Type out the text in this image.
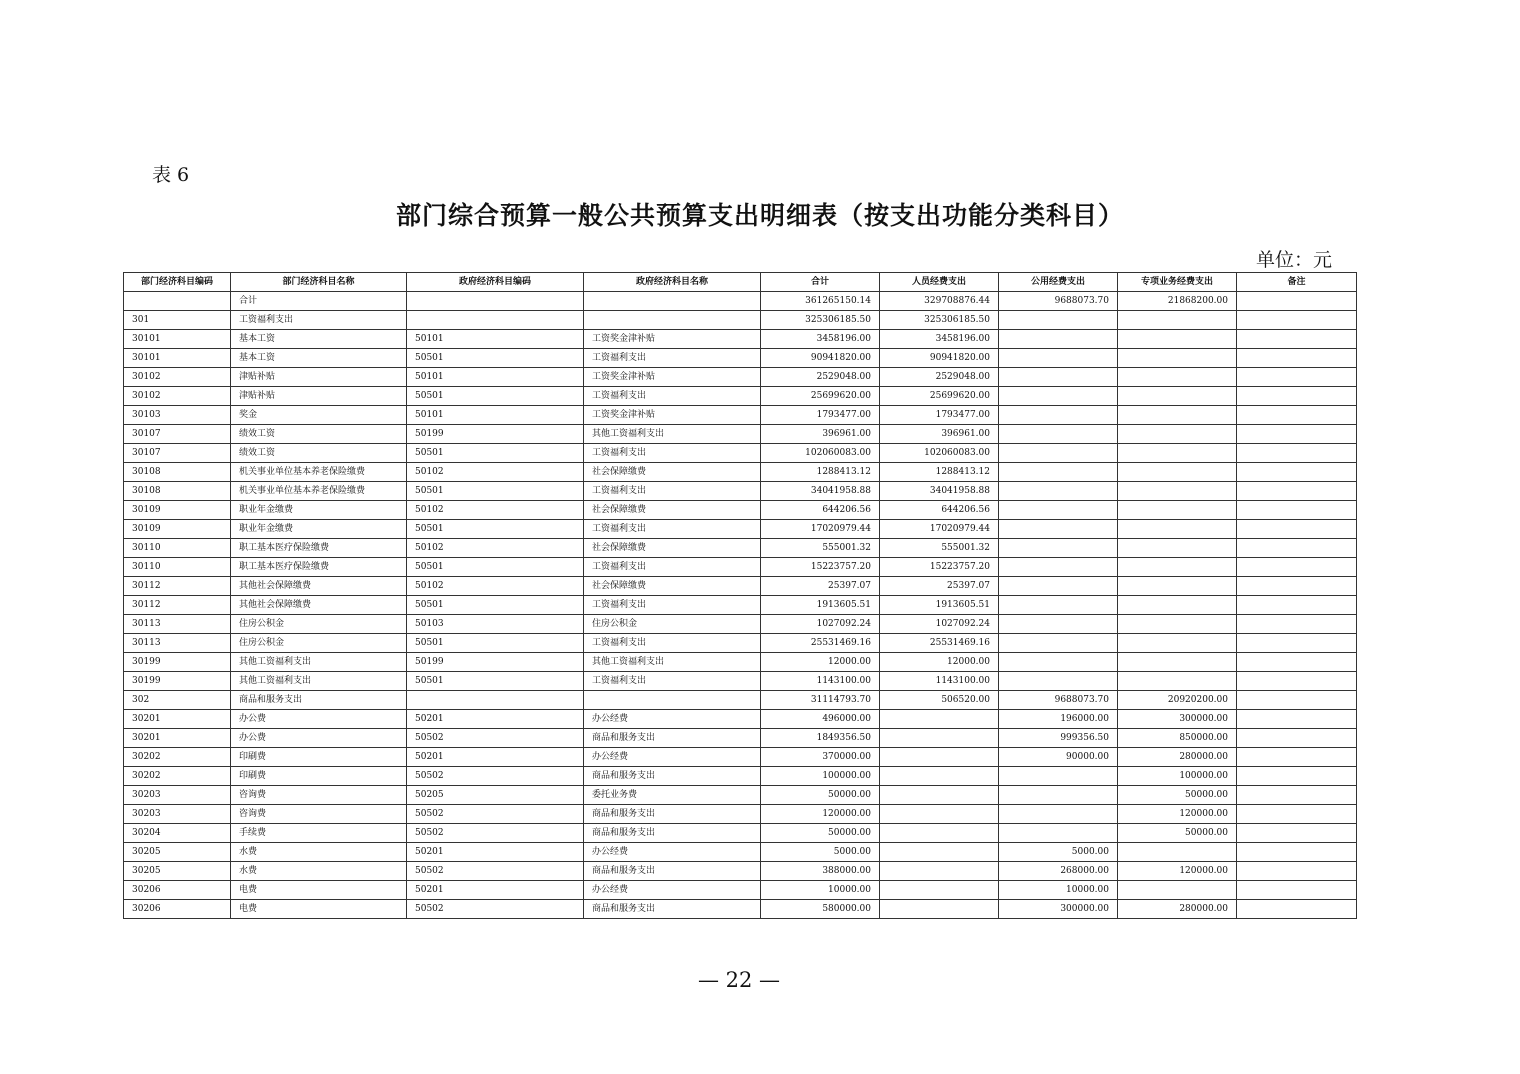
表 6
部门综合预算一般公共预算支出明细表（按支出功能分类科目）
单位：元
部门经济科目编码	部门经济科目名称	政府经济科目编码	政府经济科目名称	合计	人员经费支出	公用经费支出	专项业务经费支出	备注
	合计			361265150.14	329708876.44	9688073.70	21868200.00	
301	工资福利支出			325306185.50	325306185.50			
30101	基本工资	50101	工资奖金津补贴	3458196.00	3458196.00			
30101	基本工资	50501	工资福利支出	90941820.00	90941820.00			
30102	津贴补贴	50101	工资奖金津补贴	2529048.00	2529048.00			
30102	津贴补贴	50501	工资福利支出	25699620.00	25699620.00			
30103	奖金	50101	工资奖金津补贴	1793477.00	1793477.00			
30107	绩效工资	50199	其他工资福利支出	396961.00	396961.00			
30107	绩效工资	50501	工资福利支出	102060083.00	102060083.00			
30108	机关事业单位基本养老保险缴费	50102	社会保障缴费	1288413.12	1288413.12			
30108	机关事业单位基本养老保险缴费	50501	工资福利支出	34041958.88	34041958.88			
30109	职业年金缴费	50102	社会保障缴费	644206.56	644206.56			
30109	职业年金缴费	50501	工资福利支出	17020979.44	17020979.44			
30110	职工基本医疗保险缴费	50102	社会保障缴费	555001.32	555001.32			
30110	职工基本医疗保险缴费	50501	工资福利支出	15223757.20	15223757.20			
30112	其他社会保障缴费	50102	社会保障缴费	25397.07	25397.07			
30112	其他社会保障缴费	50501	工资福利支出	1913605.51	1913605.51			
30113	住房公积金	50103	住房公积金	1027092.24	1027092.24			
30113	住房公积金	50501	工资福利支出	25531469.16	25531469.16			
30199	其他工资福利支出	50199	其他工资福利支出	12000.00	12000.00			
30199	其他工资福利支出	50501	工资福利支出	1143100.00	1143100.00			
302	商品和服务支出			31114793.70	506520.00	9688073.70	20920200.00	
30201	办公费	50201	办公经费	496000.00		196000.00	300000.00	
30201	办公费	50502	商品和服务支出	1849356.50		999356.50	850000.00	
30202	印刷费	50201	办公经费	370000.00		90000.00	280000.00	
30202	印刷费	50502	商品和服务支出	100000.00			100000.00	
30203	咨询费	50205	委托业务费	50000.00			50000.00	
30203	咨询费	50502	商品和服务支出	120000.00			120000.00	
30204	手续费	50502	商品和服务支出	50000.00			50000.00	
30205	水费	50201	办公经费	5000.00		5000.00		
30205	水费	50502	商品和服务支出	388000.00		268000.00	120000.00	
30206	电费	50201	办公经费	10000.00		10000.00		
30206	电费	50502	商品和服务支出	580000.00		300000.00	280000.00	
— 22 —
